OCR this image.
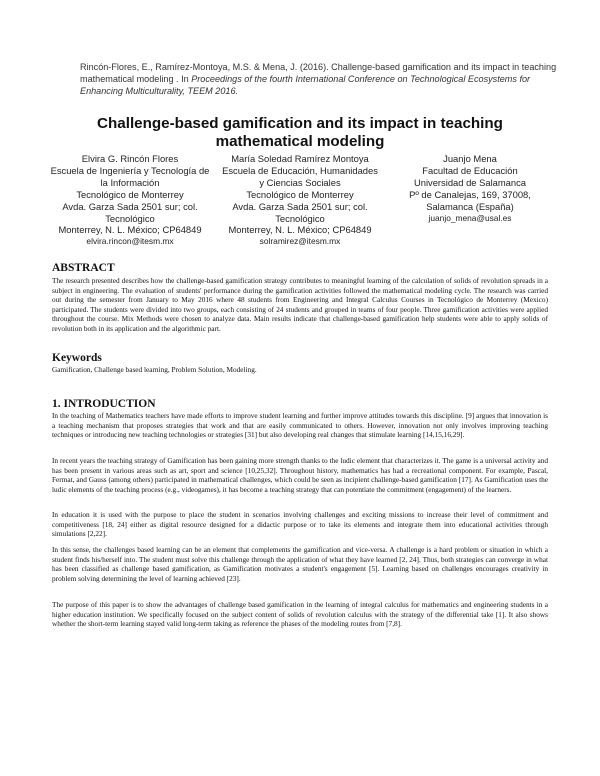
Rincón-Flores, E., Ramírez-Montoya, M.S. & Mena, J. (2016). Challenge-based gamification and its impact in teaching mathematical modeling . In Proceedings of the fourth International Conference on Technological Ecosystems for Enhancing Multiculturality, TEEM 2016.
Challenge-based gamification and its impact in teaching
mathematical modeling
Elvira G. Rincón Flores
Escuela de Ingeniería y Tecnología de
la Información
Tecnológico de Monterrey
Avda. Garza Sada 2501 sur; col.
Tecnológico
Monterrey, N. L. México; CP64849
elvira.rincon@itesm.mx
María Soledad Ramírez Montoya
Escuela de Educación, Humanidades
y Ciencias Sociales
Tecnológico de Monterrey
Avda. Garza Sada 2501 sur; col.
Tecnológico
Monterrey, N. L. México; CP64849
solramirez@itesm.mx
Juanjo Mena
Facultad de Educación
Universidad de Salamanca
Pº de Canalejas, 169, 37008,
Salamanca (España)
juanjo_mena@usal.es
ABSTRACT

The research presented describes how the challenge-based gamification strategy contributes to meaningful learning of the calculation of solids of revolution spreads in a subject in engineering. The evaluation of students' performance during the gamification activities followed the mathematical modeling cycle. The research was carried out during the semester from January to May 2016 where 48 students from Engineering and Integral Calculus Courses in Tecnológico de Monterrey (Mexico) participated. The students were divided into two groups, each consisting of 24 students and grouped in teams of four people. Three gamification activities were applied throughout the course. Mix Methods were chosen to analyze data. Main results indicate that challenge-based gamification help students were able to apply solids of revolution both in its application and the algorithmic part.

Keywords

Gamification, Challenge based learning, Problem Solution, Modeling.

1. INTRODUCTION

In the teaching of Mathematics teachers have made efforts to improve student learning and further improve attitudes towards this discipline. [9] argues that innovation is a teaching mechanism that proposes strategies that work and that are easily communicated to others. However, innovation not only involves improving teaching techniques or introducing new teaching technologies or strategies [31] but also developing real changes that stimulate learning [14,15,16,29].

In recent years the teaching strategy of Gamification has been gaining more strength thanks to the ludic element that characterizes it. The game is a universal activity and has been present in various areas such as art, sport and science [10,25,32]. Throughout history, mathematics has had a recreational component. For example, Pascal, Fermat, and Gauss (among others) participated in mathematical challenges, which could be seen as incipient challenge-based gamification [17]. As Gamification uses the ludic elements of the teaching process (e.g., videogames), it has become a teaching strategy that can potentiate the commitment (engagement) of the learners.

In education it is used with the purpose to place the student in scenarios involving challenges and exciting missions to increase their level of commitment and competitiveness [18, 24] either as digital resource designed for a didactic purpose or to take its elements and integrate them into educational activities through simulations [2,22].

In this sense, the challenges based learning can be an element that complements the gamification and vice-versa. A challenge is a hard problem or situation in which a student finds his/herself into. The student must solve this challenge through the application of what they have learned [2, 24]. Thus, both strategies can converge in what has been classified as challenge based gamification, as Gamification motivates a student's engagement [5]. Learning based on challenges encourages creativity in problem solving determining the level of learning achieved [23].

The purpose of this paper is to show the advantages of challenge based gamification in the learning of integral calculus for mathematics and engineering students in a higher education institution. We specifically focused on the subject content of solids of revolution calculus with the strategy of the differential take [1]. It also shows whether the short-term learning stayed valid long-term taking as reference the phases of the modeling routes from [7,8].
